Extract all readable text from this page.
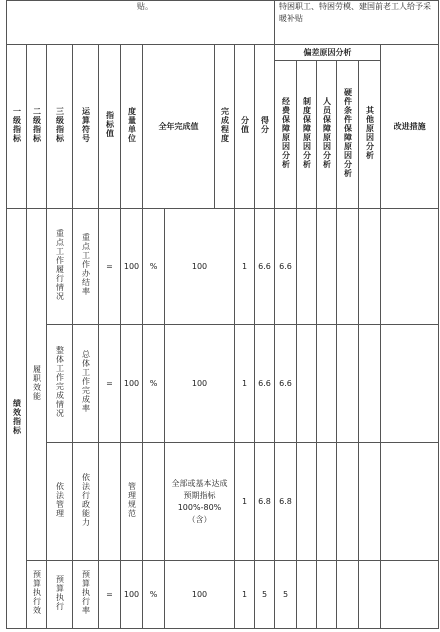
贴。											特困职工、特困劳模、建国前老工人给予采暖补贴						
一级指标	二级指标	三级指标	运算符号	指标值	度量单位	全年完成值		完成程度	分值	得分	偏差原因分析					改进措施	
											经费保障原因分析	制度保障原因分析	人员保障原因分析	硬件条件保障原因分析	其他原因分析		
绩效指标	履职效能	重点工作履行情况	重点工作办结率	=	100	%	100		1	6.6	6.6						
		整体工作完成情况	总体工作完成率	=	100	%	100		1	6.6	6.6						
		依法管理	依法行政能力		管理规范		全部或基本达成预期指标100%-80%（含）		1	6.8	6.8						
	预算执行效	预算执行	预算执行率	=	100	%	100		1	5	5						
